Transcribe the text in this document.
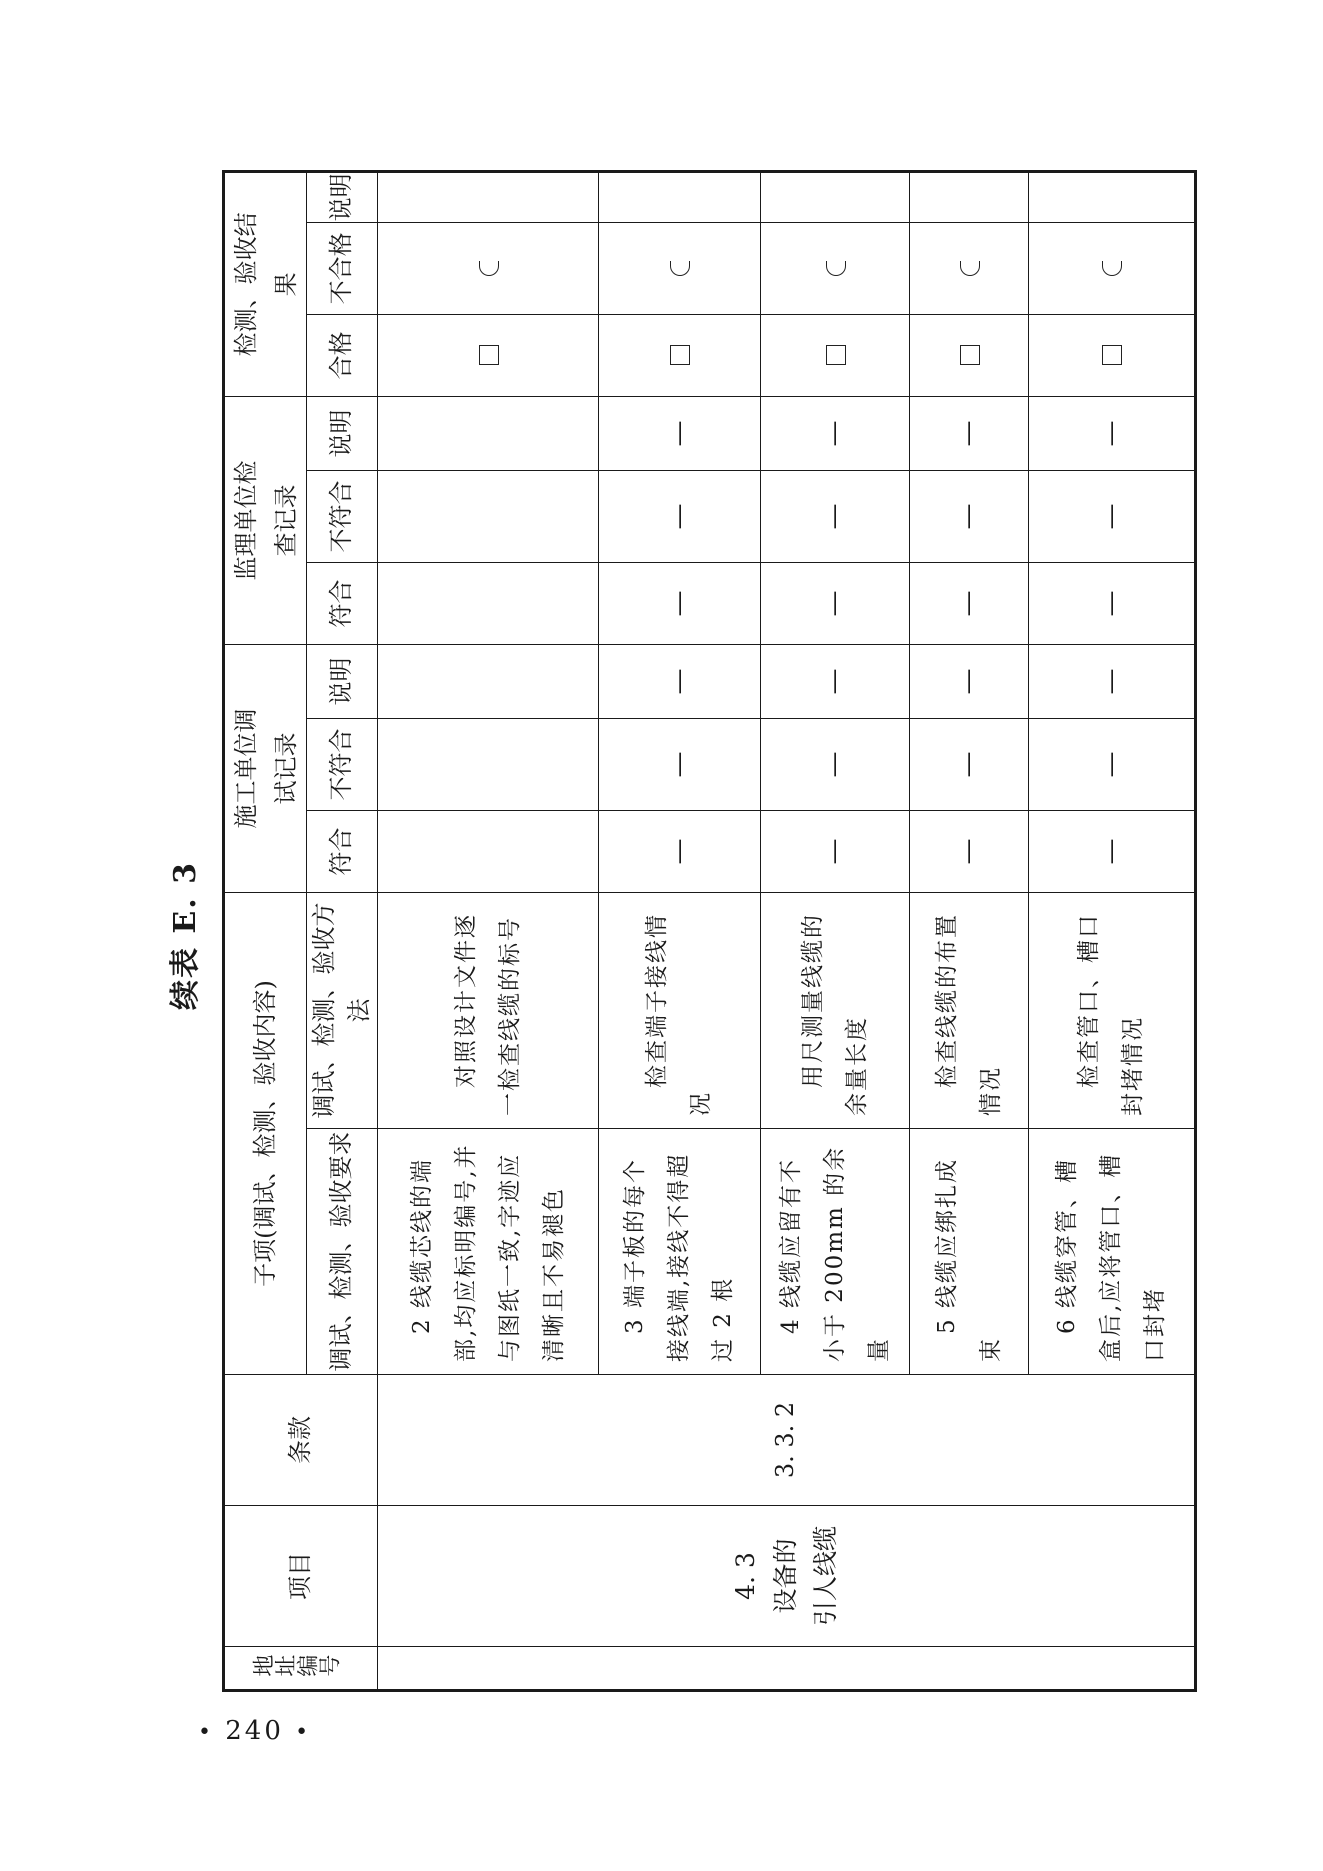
续表 E. 3
地址编号	项目	条款	子项(调试、检测、验收内容)		施工单位调试记录			监理单位检查记录			检测、验收结果		
			调试、检测、验收要求	调试、检测、验收方法	符合	不符合	说明	符合	不符合	说明	合格	不合格	说明

	4. 3 设备的 引人线缆	3. 3. 2	2 线缆芯线的端部,均应标明编号,并与图纸一致,字迹应清晰且不易褪色	对照设计文件逐一检查线缆的标号									
			3 端子板的每个接线端,接线不得超过 2 根	检查端子接线情况	—	—	—	—	—	—			
			4 线缆应留有不小于 200mm 的余量	用尺测量线缆的余量长度	—	—	—	—	—	—			
			5 线缆应绑扎成束	检查线缆的布置情况	—	—	—	—	—	—			
			6 线缆穿管、槽盒后,应将管口、槽口封堵	检查管口、槽口封堵情况	—	—	—	—	—	—			
• 240 •
